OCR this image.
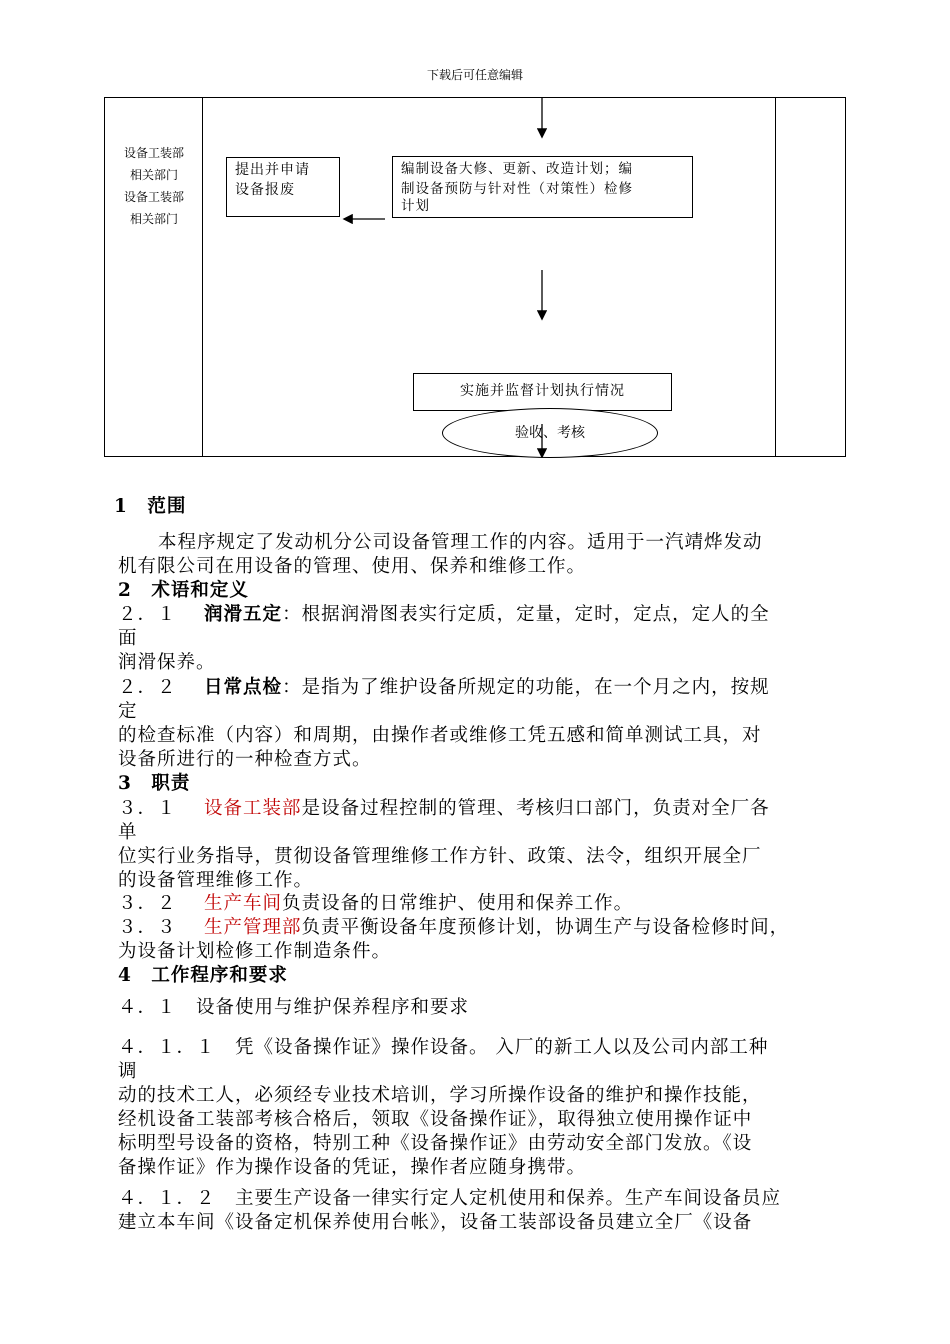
下载后可任意编辑
设备工装部
相关部门
设备工装部
相关部门
提出并申请
设备报废
编制设备大修、更新、改造计划；编
制设备预防与针对性（对策性）检修
计划
实施并监督计划执行情况
验收、考核
1　范围
本程序规定了发动机分公司设备管理工作的内容。适用于一汽靖烨发动
机有限公司在用设备的管理、使用、保养和维修工作。
2　术语和定义
２．１ 润滑五定：根据润滑图表实行定质，定量，定时，定点，定人的全
面
润滑保养。
２．２ 日常点检：是指为了维护设备所规定的功能，在一个月之内，按规
定
的检查标准（内容）和周期，由操作者或维修工凭五感和简单测试工具，对
设备所进行的一种检查方式。
3　职责
３．１ 设备工装部是设备过程控制的管理、考核归口部门，负责对全厂各
单
位实行业务指导，贯彻设备管理维修工作方针、政策、法令，组织开展全厂
的设备管理维修工作。
３．２ 生产车间负责设备的日常维护、使用和保养工作。
３．３ 生产管理部负责平衡设备年度预修计划，协调生产与设备检修时间，
为设备计划检修工作制造条件。
4　工作程序和要求
４．１　设备使用与维护保养程序和要求
４．１．１　凭《设备操作证》操作设备。 入厂的新工人以及公司内部工种
调
动的技术工人，必须经专业技术培训，学习所操作设备的维护和操作技能，
经机设备工装部考核合格后，领取《设备操作证》，取得独立使用操作证中
标明型号设备的资格，特别工种《设备操作证》由劳动安全部门发放。《设
备操作证》作为操作设备的凭证，操作者应随身携带。
４．１．２　主要生产设备一律实行定人定机使用和保养。生产车间设备员应
建立本车间《设备定机保养使用台帐》，设备工装部设备员建立全厂《设备
